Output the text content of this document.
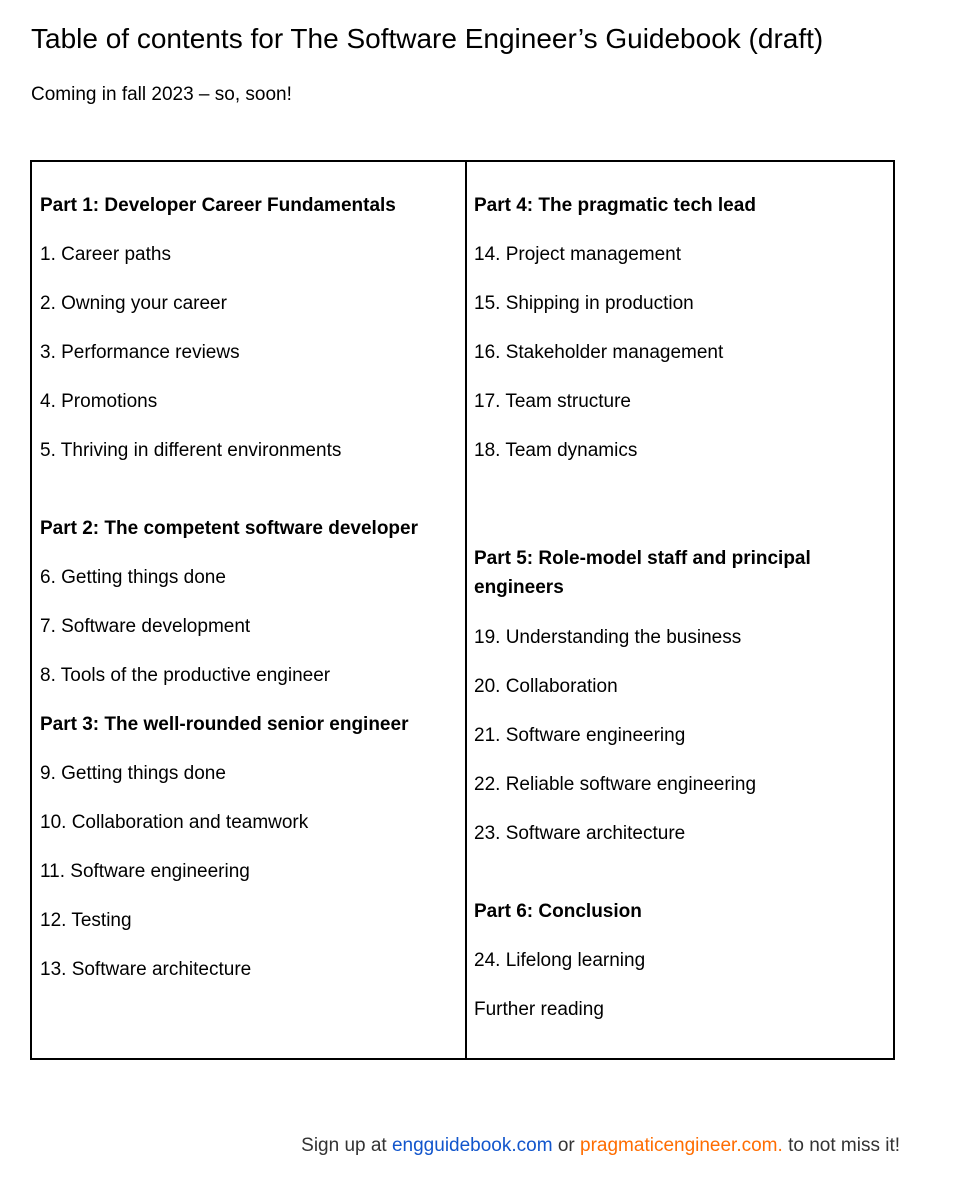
Table of contents for The Software Engineer’s Guidebook (draft)
Coming in fall 2023 – so, soon!
Part 1: Developer Career Fundamentals
1. Career paths
2. Owning your career
3. Performance reviews
4. Promotions
5. Thriving in different environments
Part 2: The competent software developer
6. Getting things done
7. Software development
8. Tools of the productive engineer
Part 3: The well-rounded senior engineer
9. Getting things done
10. Collaboration and teamwork
11. Software engineering
12. Testing
13. Software architecture
Part 4: The pragmatic tech lead
14. Project management
15. Shipping in production
16. Stakeholder management
17. Team structure
18. Team dynamics
Part 5: Role-model staff and principal engineers
19. Understanding the business
20. Collaboration
21. Software engineering
22. Reliable software engineering
23. Software architecture
Part 6: Conclusion
24. Lifelong learning
Further reading
Sign up at engguidebook.com or pragmaticengineer.com. to not miss it!
